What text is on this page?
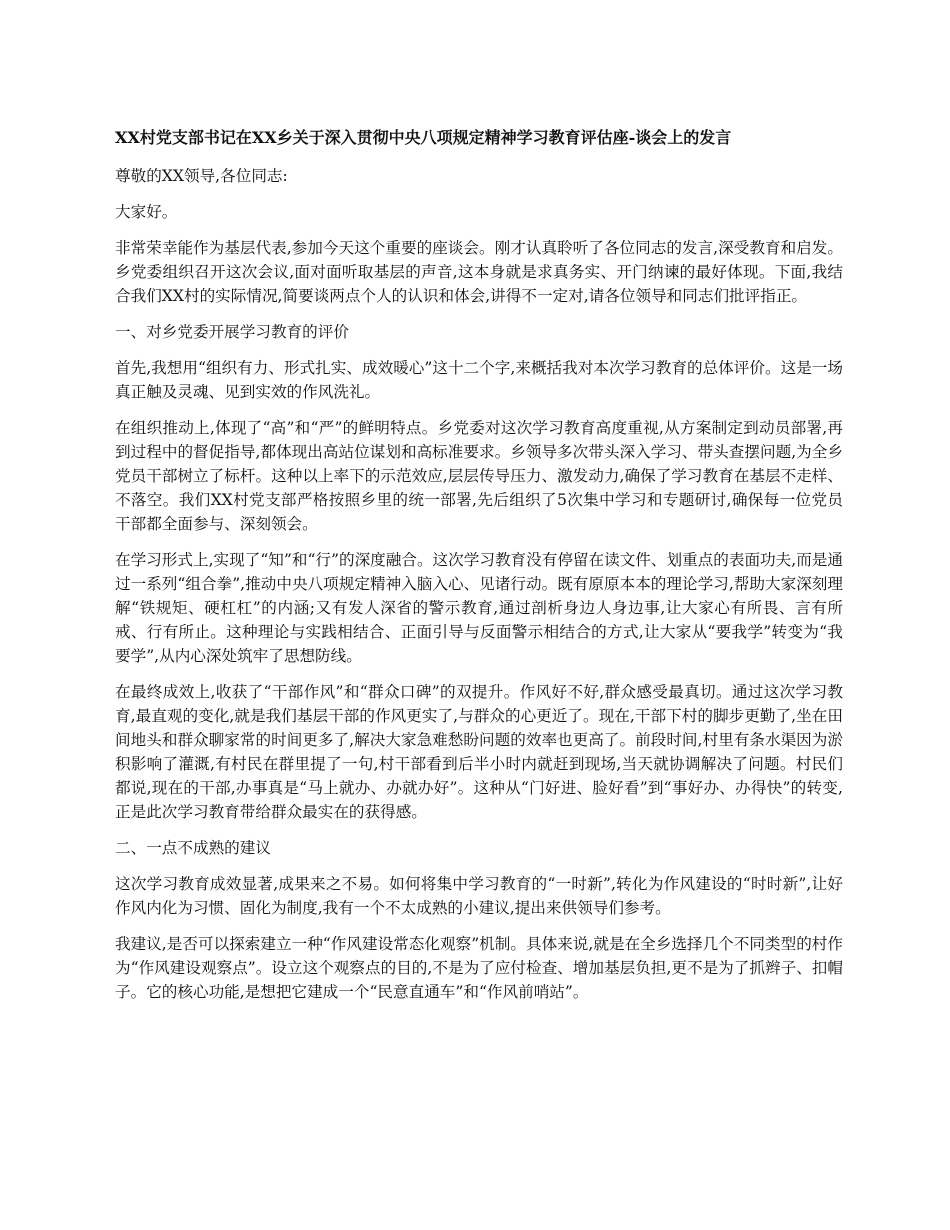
XX村党支部书记在XX乡关于深入贯彻中央八项规定精神学习教育评估座-谈会上的发言

尊敬的XX领导,各位同志:

大家好。

非常荣幸能作为基层代表,参加今天这个重要的座谈会。刚才认真聆听了各位同志的发言,深受教育和启发。乡党委组织召开这次会议,面对面听取基层的声音,这本身就是求真务实、开门纳谏的最好体现。下面,我结合我们XX村的实际情况,简要谈两点个人的认识和体会,讲得不一定对,请各位领导和同志们批评指正。

一、对乡党委开展学习教育的评价

首先,我想用“组织有力、形式扎实、成效暖心”这十二个字,来概括我对本次学习教育的总体评价。这是一场真正触及灵魂、见到实效的作风洗礼。

在组织推动上,体现了“高”和“严”的鲜明特点。乡党委对这次学习教育高度重视,从方案制定到动员部署,再到过程中的督促指导,都体现出高站位谋划和高标准要求。乡领导多次带头深入学习、带头查摆问题,为全乡党员干部树立了标杆。这种以上率下的示范效应,层层传导压力、激发动力,确保了学习教育在基层不走样、不落空。我们XX村党支部严格按照乡里的统一部署,先后组织了5次集中学习和专题研讨,确保每一位党员干部都全面参与、深刻领会。

在学习形式上,实现了“知”和“行”的深度融合。这次学习教育没有停留在读文件、划重点的表面功夫,而是通过一系列“组合拳”,推动中央八项规定精神入脑入心、见诸行动。既有原原本本的理论学习,帮助大家深刻理解“铁规矩、硬杠杠”的内涵;又有发人深省的警示教育,通过剖析身边人身边事,让大家心有所畏、言有所戒、行有所止。这种理论与实践相结合、正面引导与反面警示相结合的方式,让大家从“要我学”转变为“我要学”,从内心深处筑牢了思想防线。

在最终成效上,收获了“干部作风”和“群众口碑”的双提升。作风好不好,群众感受最真切。通过这次学习教育,最直观的变化,就是我们基层干部的作风更实了,与群众的心更近了。现在,干部下村的脚步更勤了,坐在田间地头和群众聊家常的时间更多了,解决大家急难愁盼问题的效率也更高了。前段时间,村里有条水渠因为淤积影响了灌溉,有村民在群里提了一句,村干部看到后半小时内就赶到现场,当天就协调解决了问题。村民们都说,现在的干部,办事真是“马上就办、办就办好”。这种从“门好进、脸好看”到“事好办、办得快”的转变,正是此次学习教育带给群众最实在的获得感。

二、一点不成熟的建议

这次学习教育成效显著,成果来之不易。如何将集中学习教育的“一时新”,转化为作风建设的“时时新”,让好作风内化为习惯、固化为制度,我有一个不太成熟的小建议,提出来供领导们参考。

我建议,是否可以探索建立一种“作风建设常态化观察”机制。具体来说,就是在全乡选择几个不同类型的村作为“作风建设观察点”。设立这个观察点的目的,不是为了应付检查、增加基层负担,更不是为了抓辫子、扣帽子。它的核心功能,是想把它建成一个“民意直通车”和“作风前哨站”。
